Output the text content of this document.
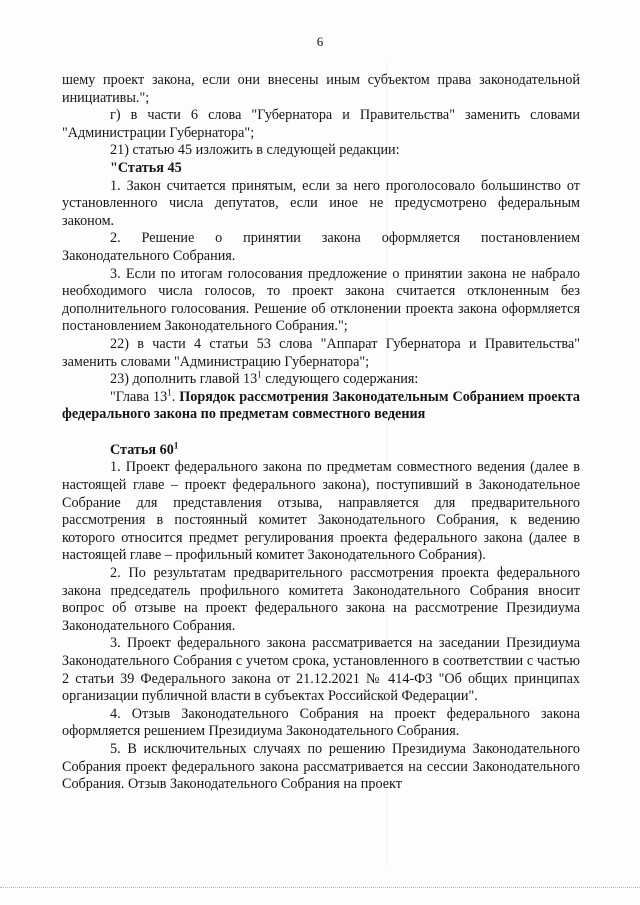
6

шему проект закона, если они внесены иным субъектом права законодательной инициативы.";

г) в части 6 слова "Губернатора и Правительства" заменить словами "Администрации Губернатора";

21) статью 45 изложить в следующей редакции:

"Статья 45

1. Закон считается принятым, если за него проголосовало большинство от установленного числа депутатов, если иное не предусмотрено федеральным законом.

2. Решение о принятии закона оформляется постановлением Законодательного Собрания.

3. Если по итогам голосования предложение о принятии закона не набрало необходимого числа голосов, то проект закона считается отклоненным без дополнительного голосования. Решение об отклонении проекта закона оформляется постановлением Законодательного Собрания.";

22) в части 4 статьи 53 слова "Аппарат Губернатора и Правительства" заменить словами "Администрацию Губернатора";

23) дополнить главой $13^1$ следующего содержания:

"Глава $13^1$. Порядок рассмотрения Законодательным Собранием проекта федерального закона по предметам совместного ведения

Статья $60^1$

1. Проект федерального закона по предметам совместного ведения (далее в настоящей главе – проект федерального закона), поступивший в Законодательное Собрание для представления отзыва, направляется для предварительного рассмотрения в постоянный комитет Законодательного Собрания, к ведению которого относится предмет регулирования проекта федерального закона (далее в настоящей главе – профильный комитет Законодательного Собрания).

2. По результатам предварительного рассмотрения проекта федерального закона председатель профильного комитета Законодательного Собрания вносит вопрос об отзыве на проект федерального закона на рассмотрение Президиума Законодательного Собрания.

3. Проект федерального закона рассматривается на заседании Президиума Законодательного Собрания с учетом срока, установленного в соответствии с частью 2 статьи 39 Федерального закона от 21.12.2021 № 414-ФЗ "Об общих принципах организации публичной власти в субъектах Российской Федерации".

4. Отзыв Законодательного Собрания на проект федерального закона оформляется решением Президиума Законодательного Собрания.

5. В исключительных случаях по решению Президиума Законодательного Собрания проект федерального закона рассматривается на сессии Законодательного Собрания. Отзыв Законодательного Собрания на проект
